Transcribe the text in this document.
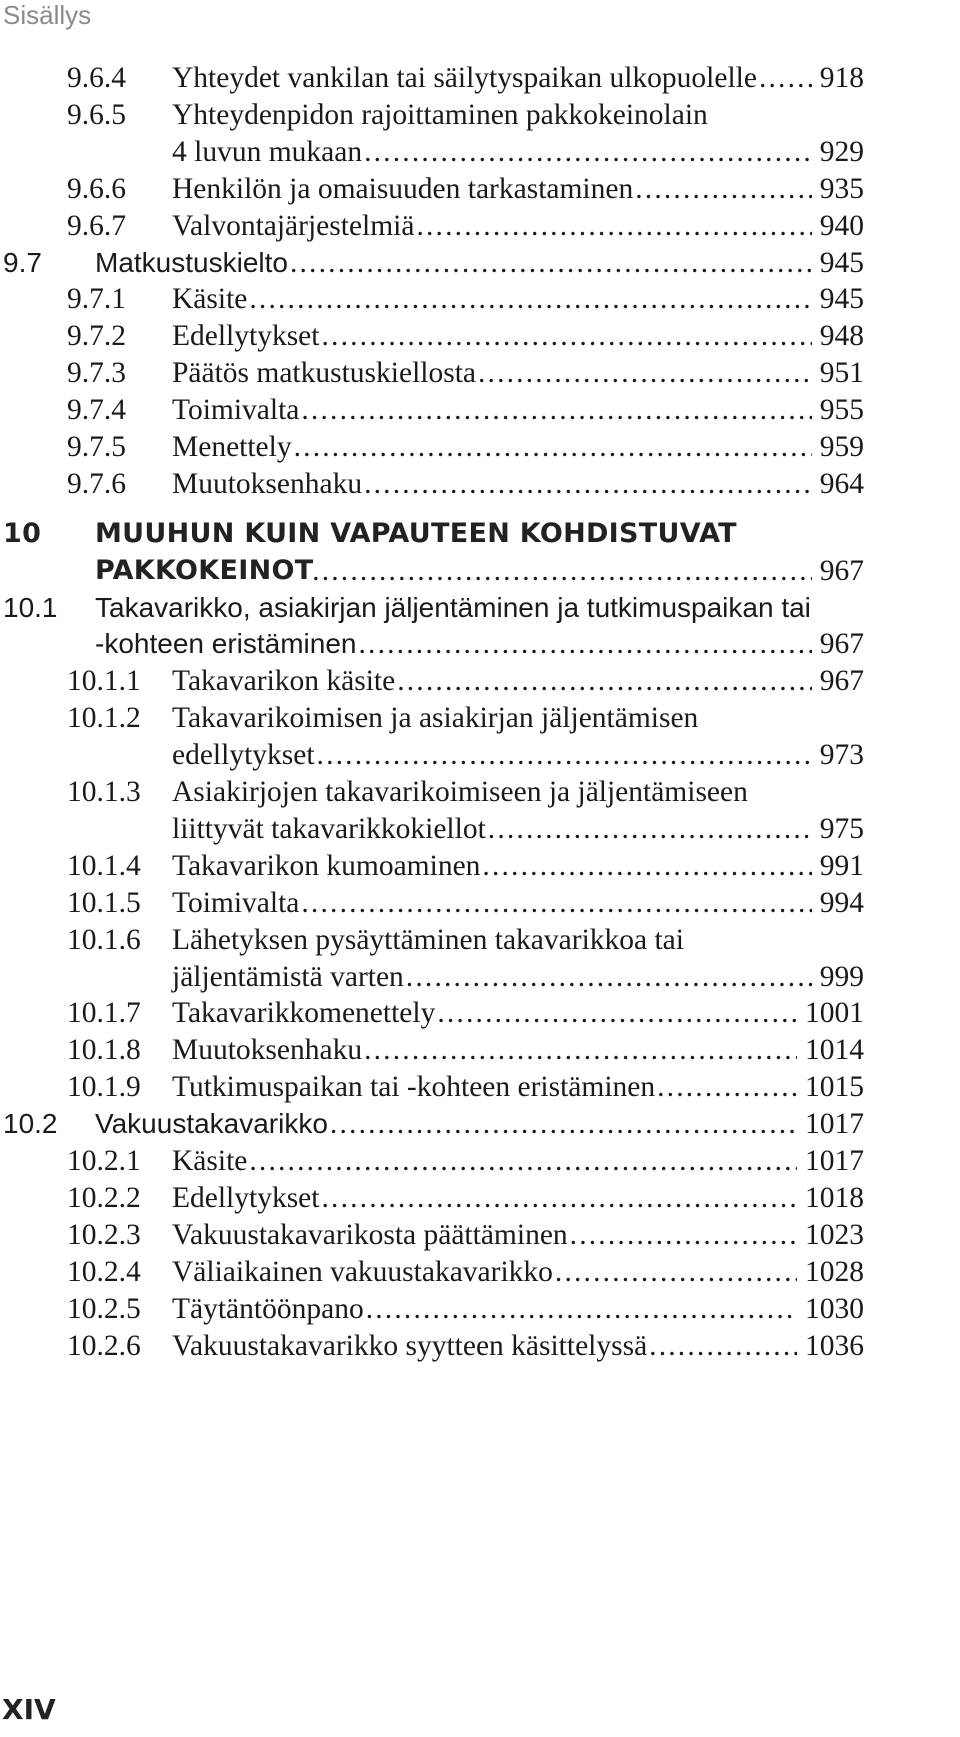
Sisällys
9.6.4 Yhteydet vankilan tai säilytyspaikan ulkopuolelle . . .	918
9.6.5 Yhteydenpidon rajoittaminen pakkokeinolain
4 luvun mukaan . . .	929
9.6.6 Henkilön ja omaisuuden tarkastaminen . . .	935
9.6.7 Valvontajärjestelmiä . . .	940
9.7 Matkustuskielto . . .	945
9.7.1 Käsite . . .	945
9.7.2 Edellytykset . . .	948
9.7.3 Päätös matkustuskiellosta . . .	951
9.7.4 Toimivalta . . .	955
9.7.5 Menettely . . .	959
9.7.6 Muutoksenhaku . . .	964
10 MUUHUN KUIN VAPAUTEEN KOHDISTUVAT
PAKKOKEINOT . . .	967
10.1 Takavarikko, asiakirjan jäljentäminen ja tutkimuspaikan tai
-kohteen eristäminen . . .	967
10.1.1 Takavarikon käsite . . .	967
10.1.2 Takavarikoimisen ja asiakirjan jäljentämisen
edellytykset . . .	973
10.1.3 Asiakirjojen takavarikoimiseen ja jäljentämiseen
liittyvät takavarikkokiellot . . .	975
10.1.4 Takavarikon kumoaminen . . .	991
10.1.5 Toimivalta . . .	994
10.1.6 Lähetyksen pysäyttäminen takavarikkoa tai
jäljentämistä varten . . .	999
10.1.7 Takavarikkomenettely . . .	1001
10.1.8 Muutoksenhaku . . .	1014
10.1.9 Tutkimuspaikan tai -kohteen eristäminen . . .	1015
10.2 Vakuustakavarikko . . .	1017
10.2.1 Käsite . . .	1017
10.2.2 Edellytykset . . .	1018
10.2.3 Vakuustakavarikosta päättäminen . . .	1023
10.2.4 Väliaikainen vakuustakavarikko . . .	1028
10.2.5 Täytäntöönpano . . .	1030
10.2.6 Vakuustakavarikko syytteen käsittelyssä . . .	1036
XIV
